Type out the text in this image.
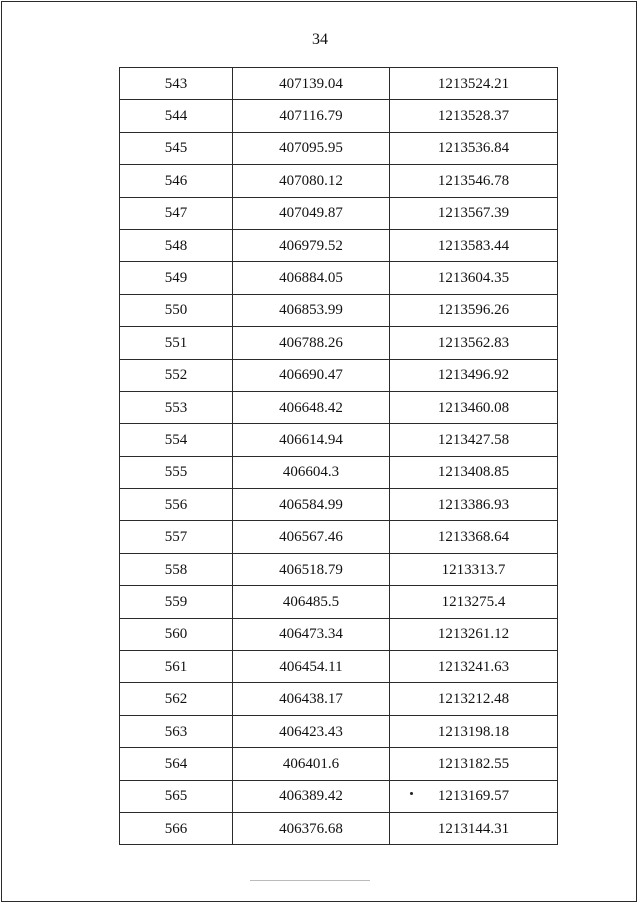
34
543	407139.04	1213524.21
544	407116.79	1213528.37
545	407095.95	1213536.84
546	407080.12	1213546.78
547	407049.87	1213567.39
548	406979.52	1213583.44
549	406884.05	1213604.35
550	406853.99	1213596.26
551	406788.26	1213562.83
552	406690.47	1213496.92
553	406648.42	1213460.08
554	406614.94	1213427.58
555	406604.3	1213408.85
556	406584.99	1213386.93
557	406567.46	1213368.64
558	406518.79	1213313.7
559	406485.5	1213275.4
560	406473.34	1213261.12
561	406454.11	1213241.63
562	406438.17	1213212.48
563	406423.43	1213198.18
564	406401.6	1213182.55
565	406389.42	1213169.57
566	406376.68	1213144.31
